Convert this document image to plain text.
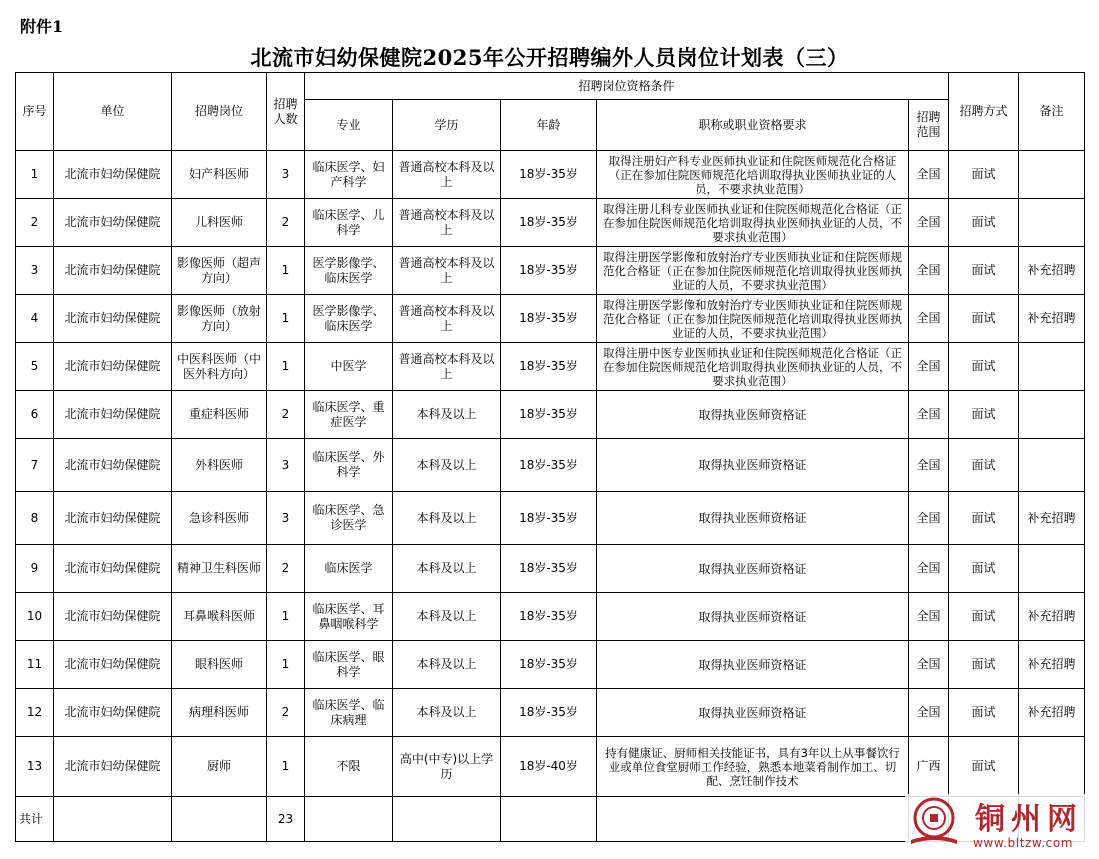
附件1
北流市妇幼保健院2025年公开招聘编外人员岗位计划表（三）
序号	单位	招聘岗位	招聘人数	招聘岗位资格条件					招聘方式	备注
				专业	学历	年龄	职称或职业资格要求	招聘范围		
1	北流市妇幼保健院	妇产科医师	3	临床医学、妇产科学	普通高校本科及以上	18岁-35岁	取得注册妇产科专业医师执业证和住院医师规范化合格证（正在参加住院医师规范化培训取得执业医师执业证的人员，不要求执业范围）	全国	面试	
2	北流市妇幼保健院	儿科医师	2	临床医学、儿科学	普通高校本科及以上	18岁-35岁	取得注册儿科专业医师执业证和住院医师规范化合格证（正在参加住院医师规范化培训取得执业医师执业证的人员，不要求执业范围）	全国	面试	
3	北流市妇幼保健院	影像医师（超声方向）	1	医学影像学、临床医学	普通高校本科及以上	18岁-35岁	取得注册医学影像和放射治疗专业医师执业证和住院医师规范化合格证（正在参加住院医师规范化培训取得执业医师执业证的人员，不要求执业范围）	全国	面试	补充招聘
4	北流市妇幼保健院	影像医师（放射方向）	1	医学影像学、临床医学	普通高校本科及以上	18岁-35岁	取得注册医学影像和放射治疗专业医师执业证和住院医师规范化合格证（正在参加住院医师规范化培训取得执业医师执业证的人员，不要求执业范围）	全国	面试	补充招聘
5	北流市妇幼保健院	中医科医师（中医外科方向）	1	中医学	普通高校本科及以上	18岁-35岁	取得注册中医专业医师执业证和住院医师规范化合格证（正在参加住院医师规范化培训取得执业医师执业证的人员，不要求执业范围）	全国	面试	
6	北流市妇幼保健院	重症科医师	2	临床医学、重症医学	本科及以上	18岁-35岁	取得执业医师资格证	全国	面试	
7	北流市妇幼保健院	外科医师	3	临床医学、外科学	本科及以上	18岁-35岁	取得执业医师资格证	全国	面试	
8	北流市妇幼保健院	急诊科医师	3	临床医学、急诊医学	本科及以上	18岁-35岁	取得执业医师资格证	全国	面试	补充招聘
9	北流市妇幼保健院	精神卫生科医师	2	临床医学	本科及以上	18岁-35岁	取得执业医师资格证	全国	面试	
10	北流市妇幼保健院	耳鼻喉科医师	1	临床医学、耳鼻咽喉科学	本科及以上	18岁-35岁	取得执业医师资格证	全国	面试	补充招聘
11	北流市妇幼保健院	眼科医师	1	临床医学、眼科学	本科及以上	18岁-35岁	取得执业医师资格证	全国	面试	补充招聘
12	北流市妇幼保健院	病理科医师	2	临床医学、临床病理	本科及以上	18岁-35岁	取得执业医师资格证	全国	面试	补充招聘
13	北流市妇幼保健院	厨师	1	不限	高中(中专)以上学历	18岁-40岁	持有健康证、厨师相关技能证书，具有3年以上从事餐饮行业或单位食堂厨师工作经验，熟悉本地菜肴制作加工、切配、烹饪制作技术	广西	面试	
共计			23								铜州网
www.bltzw.com
